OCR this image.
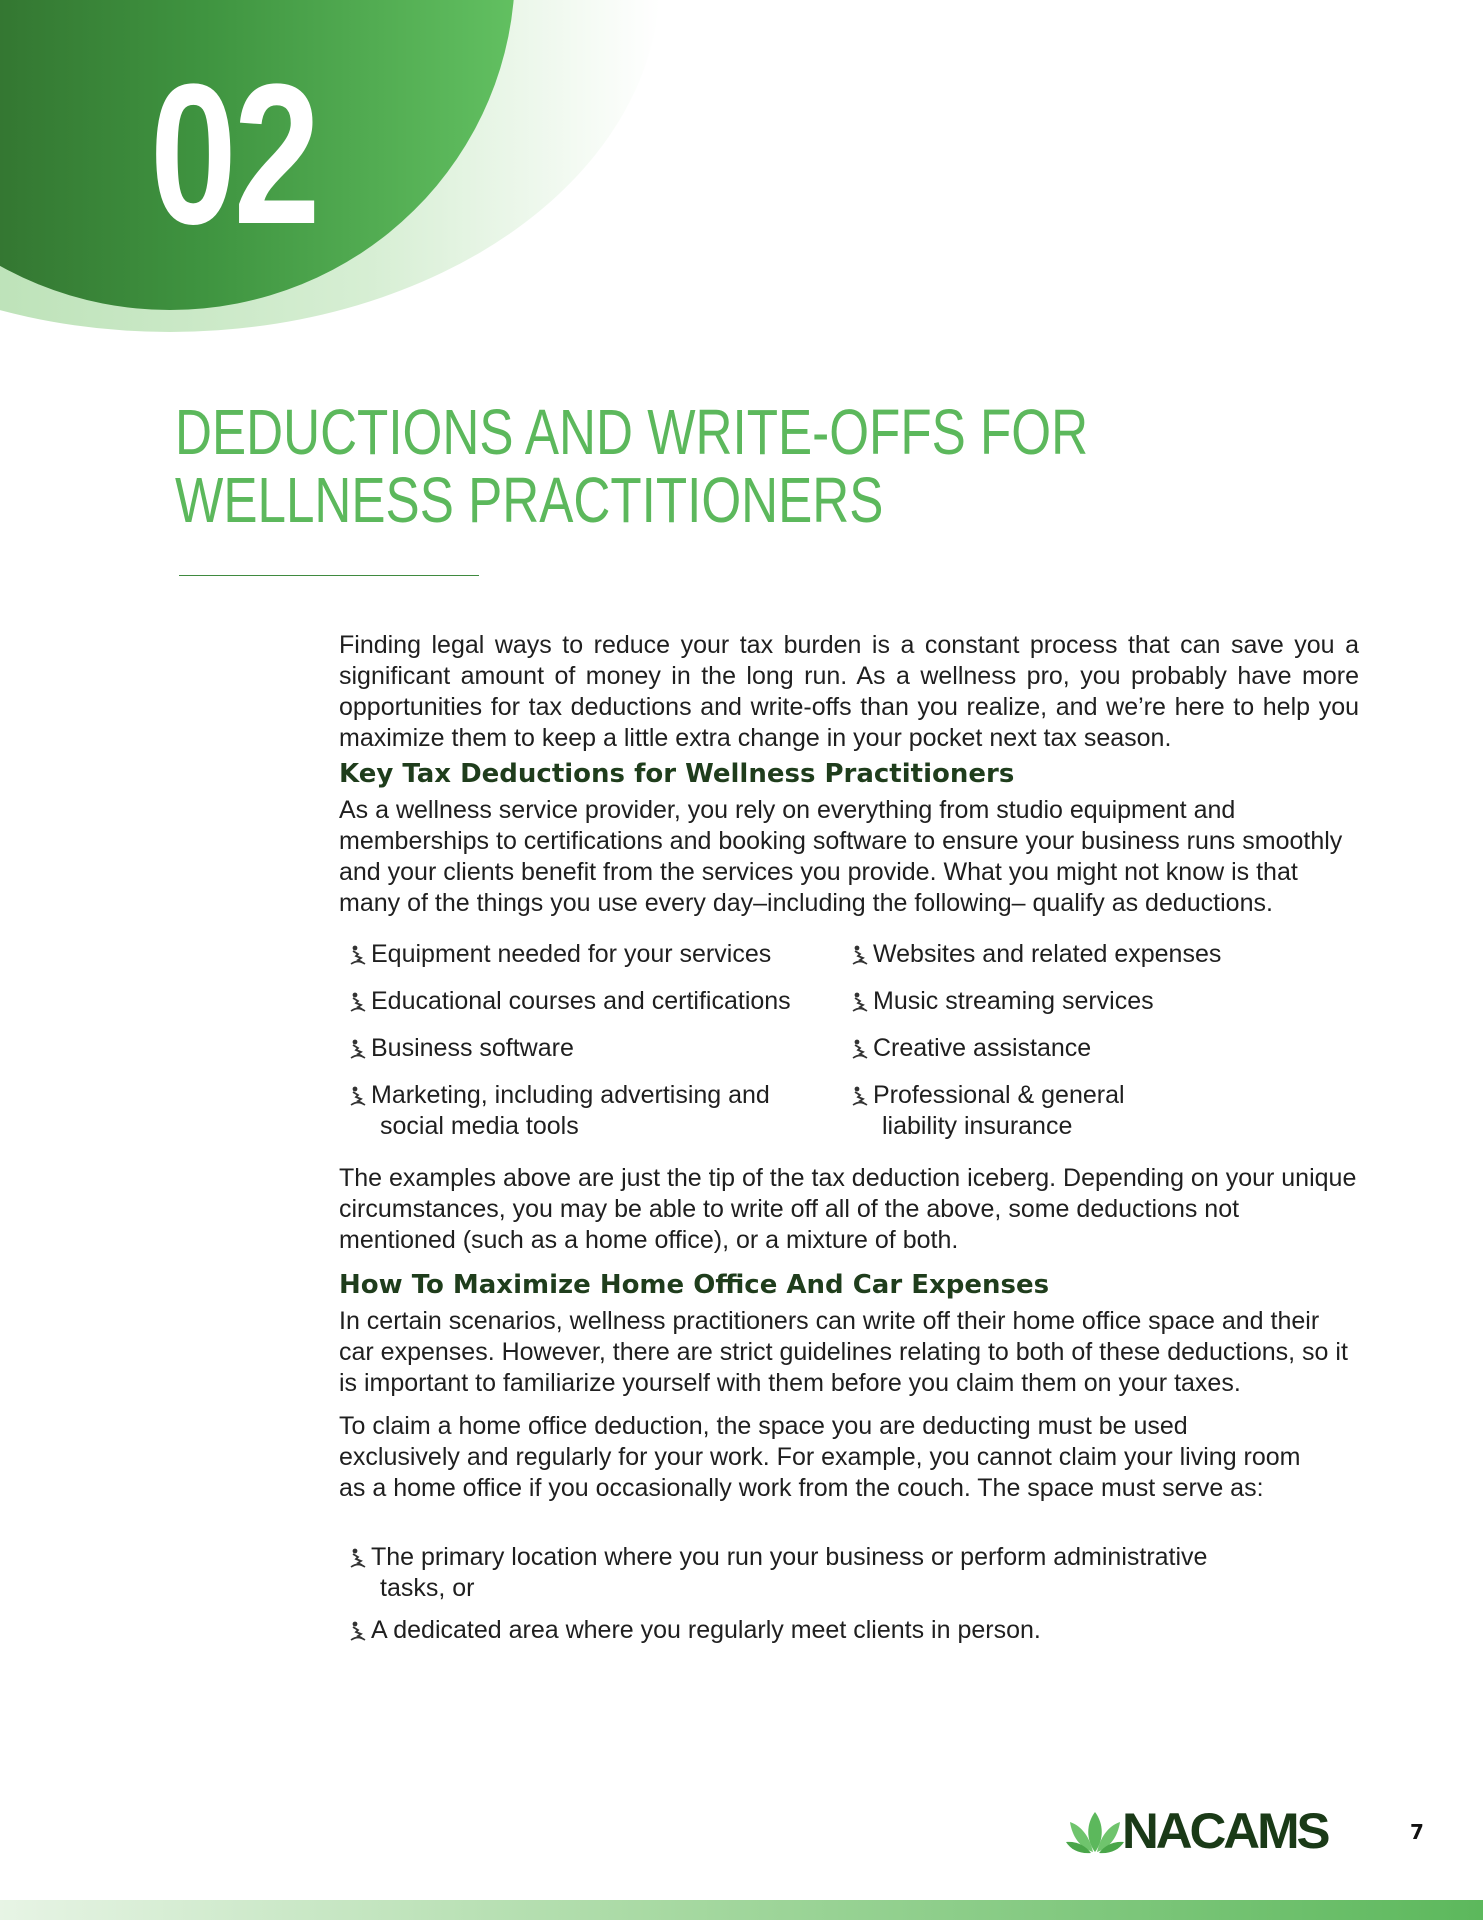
02
DEDUCTIONS AND WRITE-OFFS FOR
WELLNESS PRACTITIONERS

Finding legal ways to reduce your tax burden is a constant process that can save you a significant amount of money in the long run. As a wellness pro, you probably have more opportunities for tax deductions and write-offs than you realize, and we’re here to help you maximize them to keep a little extra change in your pocket next tax season.

Key Tax Deductions for Wellness Practitioners

As a wellness service provider, you rely on everything from studio equipment and memberships to certifications and booking software to ensure your business runs smoothly and your clients benefit from the services you provide. What you might not know is that many of the things you use every day–including the following– qualify as deductions.

Equipment needed for your services
Educational courses and certifications
Business software
Marketing, including advertising and
social media tools
Websites and related expenses
Music streaming services
Creative assistance
Professional & general
liability insurance

The examples above are just the tip of the tax deduction iceberg. Depending on your unique circumstances, you may be able to write off all of the above, some deductions not mentioned (such as a home office), or a mixture of both.

How To Maximize Home Office And Car Expenses

In certain scenarios, wellness practitioners can write off their home office space and their car expenses. However, there are strict guidelines relating to both of these deductions, so it is important to familiarize yourself with them before you claim them on your taxes.

To claim a home office deduction, the space you are deducting must be used
exclusively and regularly for your work. For example, you cannot claim your living room
as a home office if you occasionally work from the couch. The space must serve as:

The primary location where you run your business or perform administrative
tasks, or
A dedicated area where you regularly meet clients in person.
NACAMS	7
